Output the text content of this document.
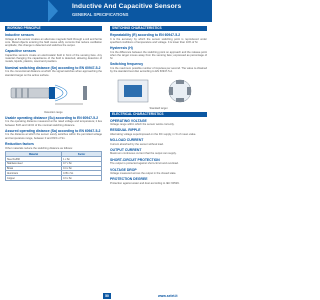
Inductive And Capacitive Sensors
GENERAL SPECIFICATIONS
WORKING PRINCIPLE
Inductive sensors

Voltage at the sensor creates an alternate magnetic field through a coil and ferrite core. Metal objects entering the field cause eddy currents that reduce oscillation amplitude; this change is detected and switches the output.

Capacitive sensors

Capacitive sensors create an electrostatic field in front of the sensing face. Any material changing the capacitance of the field is detected, allowing detection of metals, liquids, plastics, wood and powders.

Nominal switching distance (Sn) according to EN 60947-5-2

It is the conventional distance at which the signal switches when approaching the standard target on the active surface.

Detection range
Usable operating distance (Su) according to EN 60947-5-2

It is the operating distance measured at the rated voltage and temperature; it lies between 81% and 121% of the nominal switching distance.

Assured operating distance (Sa) according to EN 60947-5-2

It is the distance at which the sensor surely switches within the permitted voltage and temperature range, between 0 and 81% of Sn.

Reduction factors

Other materials reduce the switching distance as follows:

Material	Factor
Steel Fe360	1 x Sn
Stainless steel	0.7 x Sn
Brass	0.4 x Sn
Aluminium	0.35 x Sn
Copper	0.3 x Sn
SWITCHING CHARACTERISTICS
Repeatability (R) according to EN 60947-5-2

It is the accuracy by which the sensor switching point is reproduced under specified conditions of temperature and voltage. It is lower than 10% of Sr.

Hysteresis (H)

It is the difference between the switching point on approach and the release point when the target moves away from the sensing face; expressed as percentage of Sr.

Switching frequency

It is the maximum possible number of impulses per second. The value is obtained by the standard test disc according to EN 60947-5-2.

Standard target
ELECTRICAL CHARACTERISTICS
OPERATING VOLTAGE

Voltage range within which the sensor works correctly.

RESIDUAL RIPPLE

Alternating voltage superimposed on the DC supply, in % of mean value.

NO-LOAD CURRENT

Current absorbed by the sensor without load.

OUTPUT CURRENT

Maximum continuous current that the output can supply.

SHORT-CIRCUIT PROTECTION

The output is protected against short-circuit and overload.

VOLTAGE DROP

Voltage measured across the output in the closed state.

PROTECTION DEGREE

Protection against water and dust according to IEC 60529.

50	www.selet.it
